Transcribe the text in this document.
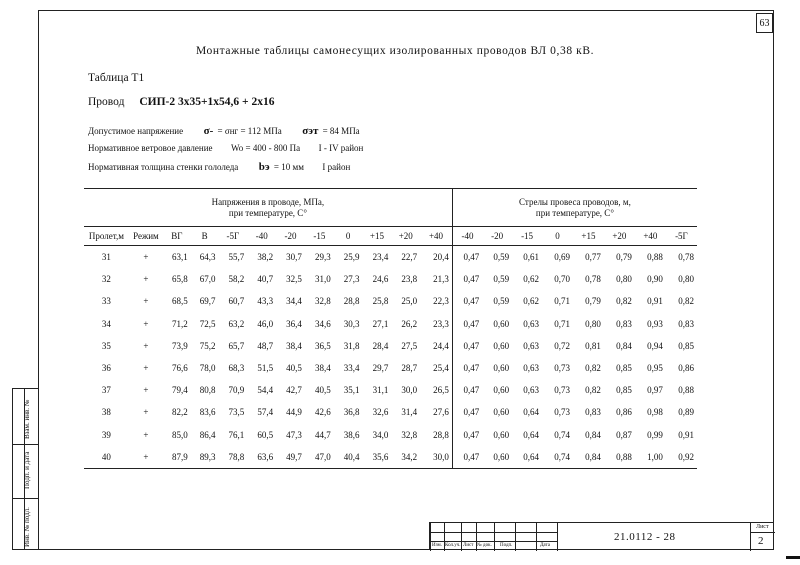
63
Монтажные таблицы самонесущих изолированных проводов ВЛ 0,38 кВ.
Таблица Т1
Провод СИП-2 3х35+1х54,6 + 2х16
Допустимое напряжение σ- = σнг = 112 МПа σэт = 84 МПа
Нормативное ветровое давление Wo = 400 - 800 Па I - IV район
Нормативная толщина стенки гололеда bэ = 10 мм I район
Напряжения в проводе, МПа,
при температуре, С°												Стрелы провеса проводов, м,
при температуре, С°							
Пролет,м	Режим	ВГ	В	-5Г	-40	-20	-15	0	+15	+20	+40	-40	-20	-15	0	+15	+20	+40	-5Г
31	+	63,1	64,3	55,7	38,2	30,7	29,3	25,9	23,4	22,7	20,4	0,47	0,59	0,61	0,69	0,77	0,79	0,88	0,78
32	+	65,8	67,0	58,2	40,7	32,5	31,0	27,3	24,6	23,8	21,3	0,47	0,59	0,62	0,70	0,78	0,80	0,90	0,80
33	+	68,5	69,7	60,7	43,3	34,4	32,8	28,8	25,8	25,0	22,3	0,47	0,59	0,62	0,71	0,79	0,82	0,91	0,82
34	+	71,2	72,5	63,2	46,0	36,4	34,6	30,3	27,1	26,2	23,3	0,47	0,60	0,63	0,71	0,80	0,83	0,93	0,83
35	+	73,9	75,2	65,7	48,7	38,4	36,5	31,8	28,4	27,5	24,4	0,47	0,60	0,63	0,72	0,81	0,84	0,94	0,85
36	+	76,6	78,0	68,3	51,5	40,5	38,4	33,4	29,7	28,7	25,4	0,47	0,60	0,63	0,73	0,82	0,85	0,95	0,86
37	+	79,4	80,8	70,9	54,4	42,7	40,5	35,1	31,1	30,0	26,5	0,47	0,60	0,63	0,73	0,82	0,85	0,97	0,88
38	+	82,2	83,6	73,5	57,4	44,9	42,6	36,8	32,6	31,4	27,6	0,47	0,60	0,64	0,73	0,83	0,86	0,98	0,89
39	+	85,0	86,4	76,1	60,5	47,3	44,7	38,6	34,0	32,8	28,8	0,47	0,60	0,64	0,74	0,84	0,87	0,99	0,91
40	+	87,9	89,3	78,8	63,6	49,7	47,0	40,4	35,6	34,2	30,0	0,47	0,60	0,64	0,74	0,84	0,88	1,00	0,92
Инв. № подл.
Подп. и дата
Взам. инв. №
Изм. Кол.уч. Лист № док. Подп.	Дата
21.0112 - 28
Лист
2
